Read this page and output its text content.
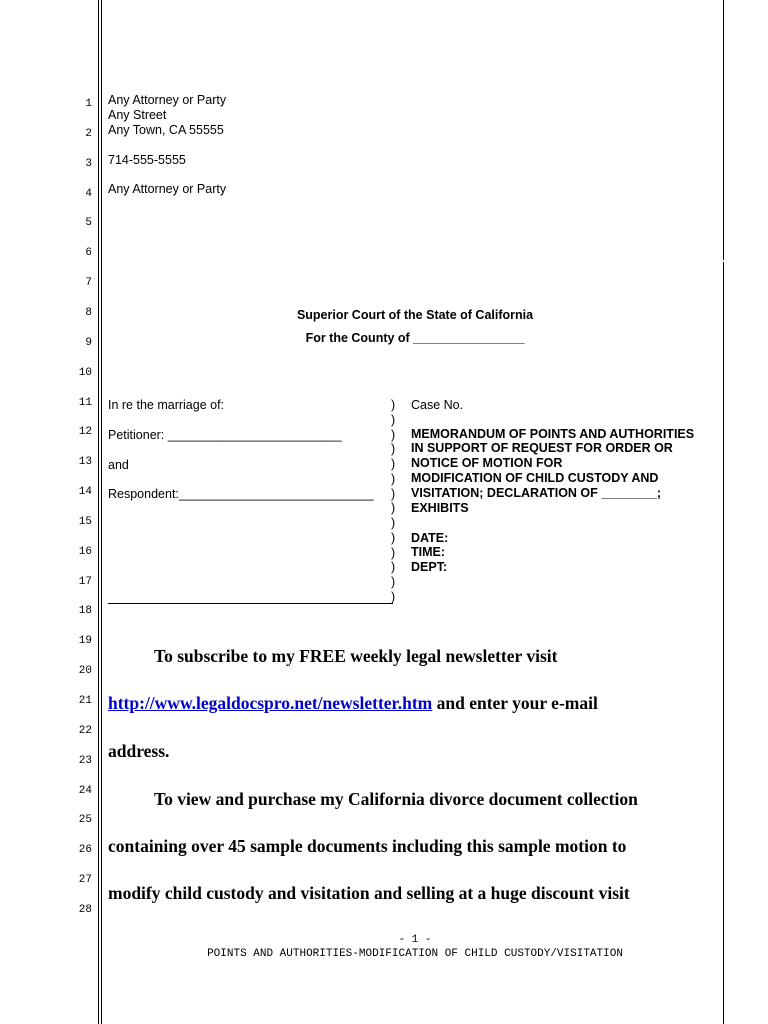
1
2
3
4
5
6
7
8
9
10
11
12
13
14
15
16
17
18
19
20
21
22
23
24
25
26
27
28
Any Attorney or Party
Any Street
Any Town, CA 55555
714-555-5555
Any Attorney or Party
Superior Court of the State of California
For the County of ________________
In re the marriage of:
Petitioner: _________________________
and
Respondent:____________________________
)
)
)
)
)
)
)
)
)
)
)
)
)
)
Case No.
MEMORANDUM OF POINTS AND AUTHORITIES
IN SUPPORT OF REQUEST FOR ORDER OR
NOTICE OF MOTION FOR
MODIFICATION OF CHILD CUSTODY AND
VISITATION; DECLARATION OF ________;
EXHIBITS
DATE:
TIME:
DEPT:
To subscribe to my FREE weekly legal newsletter visit
http://www.legaldocspro.net/newsletter.htm and enter your e-mail
address.
To view and purchase my California divorce document collection
containing over 45 sample documents including this sample motion to
modify child custody and visitation and selling at a huge discount visit
- 1 -
POINTS AND AUTHORITIES-MODIFICATION OF CHILD CUSTODY/VISITATION
